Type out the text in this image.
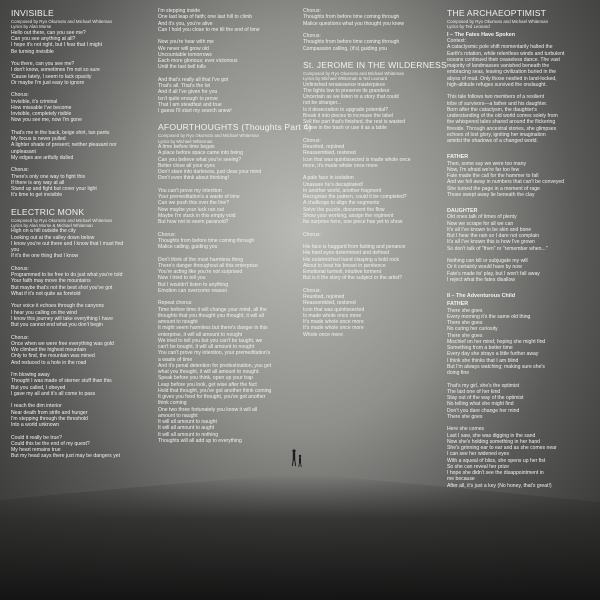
INVISIBLE
Composed by Ryo Okumoto and Michael Whiteman
Lyrics by Alan Morse
Hello out there, can you see me?
Can you see anything at all?
I hope it's not right, but I fear that I might
Be turning invisible
You there, can you see me?
I don't know, sometimes I'm not so sure
'Cause lately, I seem to lack opacity
Or maybe I'm just easy to ignore
Chorus:
Invisible, it's criminal
How missable I've become
Invisible, completely risible
Now you see me, now I'm gone
That's me in the back, beige shirt, tan pants
My focus is never pulled
A lighter shade of present; neither pleasant nor
unpleasant
My edges are artfully dulled
Chorus:
There's only one way to fight this
If there is any way at all
Stand up and fight but cover your light
It's time to get invisible
ELECTRIC MONK
Composed by Ryo Okumoto and Michael Whiteman
Lyrics by Alan Morse & Michael Whiteman
High on a hill outside the city
Looking out at the valley down below
I know you're out there and I know that I must find
you
If it's the one thing that I know
Chorus:
Programmed to be free to do just what you're told
Your faith may move the mountains
But maybe that's not the best shot you've got
What if it's not quite as foretold
Your voice it echoes through the canyons
I hear you calling on the wind
I know this journey will take everything I have
But you cannot end what you don't begin
Chorus:
Once when we were free everything was gold
We climbed the highest mountain
Only to find, the mountain was mined
And reduced to a hole in the road
I'm blowing away
Thought I was made of sterner stuff than this
But you called, I obeyed
I gave my all and it's all come to pass
I reach the dim interior
Near death from strife and hunger
I'm stepping through the threshold
Into a world unknown
Could it really be true?
Could this be the end of my quest?
My heart remains true
But my head says there just may be dangers yet
I'm stepping inside
One last leap of faith; one last hill to climb
And it's you, you're alive
Can I hold you close to me till the end of time
Now you're hear with me
We never will grow old
Uncountable tomorrows
Each more glorious; ever victorious
Until the last bell tolls
And that's really all that I've got
That's all. That's the lot
And if all I've given for you
Isn't quite enough to prove
That I am steadfast and true
I guess I'll start my search anew!
AFOURTHOUGHTS (Thoughts Part 4)
Composed by Ryo Okumoto and Michael Whiteman
Lyrics by Michael Whiteman
A time before time began
A place before space came into being
Can you believe what you're seeing?
Better close all your eyes
Don't stare into darkness, just clear your mind
Don't even think about thinking!
You can't prove my intention
Your premeditation's a waste of time
Can we push this over the line?
Now maybe your luck ran out
Maybe I'm stuck in this empty void
But how not to seem paranoid?
Chorus:
Thoughts from before time coming through
Malice calling, guiding you
Don't think of the most harmless thing
There's danger throughout all this enterprise
You're acting like you're not surprised
Now I tried to tell you
But I wouldn't listen to anything
Emotion can overcome reason
Repeat chorus:
Time before time it will change your mind, all the
thoughts that you thought you thought, it will all
amount to nought
It might seem harmless but there's danger in this
enterprise, it will all amount to nought
We tried to tell you but you can't be taught, we
can't be bought, it will all amount to nought
You can't prove my intention, your premeditation's
a waste of time
And it's penal detention for predestination, you get
what you thought, it will all amount to nought.
Speak before you think, open up your trap
Leap before you look, get wise after the fact
Hold that thought, you've got another think coming
It gives you food for thought, you've got another
think coming
One two three fortunately you know it will all
amount to naught
It will all amount to naught
It will all amount to aught
It will all amount to nothing
Thoughts will all add up to everything
Chorus:
Thoughts from before time coming through
Malice questions what you thought you knew
Chorus:
Thoughts from before time coming through
Compassion calling, (it's) guiding you
St. JEROME IN THE WILDERNESS
Composed by Ryo Okumoto and Michael Whiteman
Lyrics by Michael Whiteman & Ted Leonard
Unfinished renaissance masterpiece
The lights low to preserve its grandeur
Uncertain as we listen to a story that could
not be stranger...
Is it desecration to upgrade potential?
Break it into pieces to increase the label
Sell the part that's finished, the rest is wasted
Throw in the trash or use it as a table
Chorus:
Reunited, rejoined
Reassembled, restored
Icon that was quintissected is made whole once
more, it's made whole once more
A pale face in isolation
Unaware he's decapitated!
In another world, another fragment
Recognise the pattern, could it be completed?
A challenge to align the segments
Solve the puzzle, document the flow
Show your working, assign the regiment
No surprise here, one piece has yet to show
Chorus:
His face is haggard from fasting and penance
His hard eyes determined and defined
His outstretched hand clasping a bold rock
About to beat his breast in penitence
Emotional turmoil, intuitive torment
But is it the story of the subject or the artist?
Chorus:
Reunited, rejoined
Reassembled, restored
Icon that was quintissected
Is made whole once more
It's made whole once more
It's made whole once more
Whole once more
THE ARCHAEOPTIMIST
Composed by Ryo Okumoto and Michael Whiteman
Lyrics by Ted Leonard
I – The Fates Have Spoken
Context:
A cataclysmic pole shift momentarily halted the
Earth's rotation, while relentless winds and turbulent
oceans continued their ceaseless dance. The vast
majority of landmasses vanished beneath the
embracing seas, leaving civilization buried in the
abyss of mud. Only those nestled in land-locked,
high-altitude refuges survived the onslaught.
This tale follows two members of a resilient
tribe of survivors—a father and his daughter.
Born after the cataclysm, the daughter's
understanding of the old world comes solely from
the whispered tales shared around the flickering
fireside. Through ancestral stories, she glimpses
echoes of lost glory, igniting her imagination
amidst the shadows of a changed world.
FATHER
Then, some say we were too many
Now, I'm afraid we're far too few
Fate made the call for the hammer to fall
And we fell away in numbers that can't be conveyed
She turned the page in a moment of rage
Those swept away lie beneath the clay
DAUGHTER
Old ones talk of times of plenty
Now we scrape for all we can
It's all I've known to be skin and bone
But I hear the rain so I dare not complain
It's all I've known this is how I've grown
So don't talk of "then" or "remember when..."
Nothing can kill or subjugate my will
Or it certainly would have by now
Fate's made its' play, but I won't fall away
I reject what the fates disallow
II – The Adventurous Child
FATHER
There she goes
Every morning it's the same old thing
There she goes
No curing her curiosity
There she goes
Mischief on her mind; hoping she might find
Something from a better time
Every day she strays a little further away
I think she thinks that I am blind
But I'm always watching; making sure she's
doing fine
That's my girl, she's the optimist
The last one of her kind
Stay out of the way of the optimist
No telling what she might find
Don't you dare change her mind
There she goes
Here she comes
Last I saw, she was digging in the sand
Now she's holding something in her hand
She's grinning ear to ear and as she comes near
I can see her widened eyes
With a squeal of bliss, she opens up her fist
So she can reveal her prize
I hope she didn't see the disappointment in
me because
After all, it's just a key (No honey, that's great!)
